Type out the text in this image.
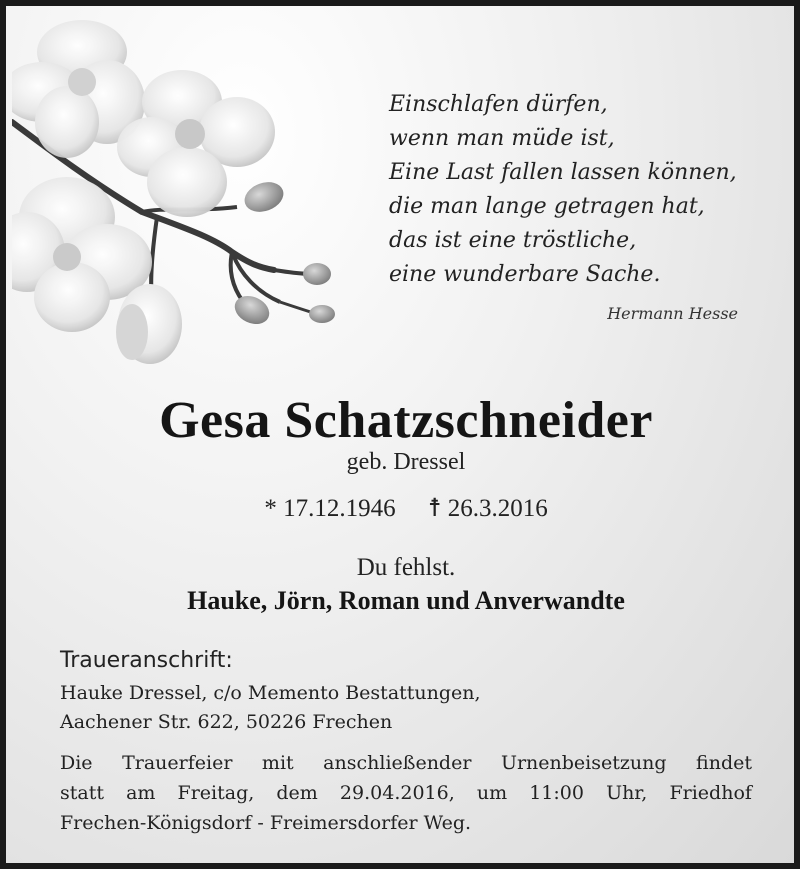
Einschlafen dürfen,
wenn man müde ist,
Eine Last fallen lassen können,
die man lange getragen hat,
das ist eine tröstliche,
eine wunderbare Sache.
Hermann Hesse
Gesa Schatzschneider
geb. Dressel
* 17.12.1946 ☨ 26.3.2016
Du fehlst.
Hauke, Jörn, Roman und Anverwandte
Traueranschrift:
Hauke Dressel, c/o Memento Bestattungen,
Aachener Str. 622, 50226 Frechen
Die Trauerfeier mit anschließender Urnenbeisetzung findet
statt am Freitag, dem 29.04.2016, um 11:00 Uhr, Friedhof
Frechen-Königsdorf - Freimersdorfer Weg.
